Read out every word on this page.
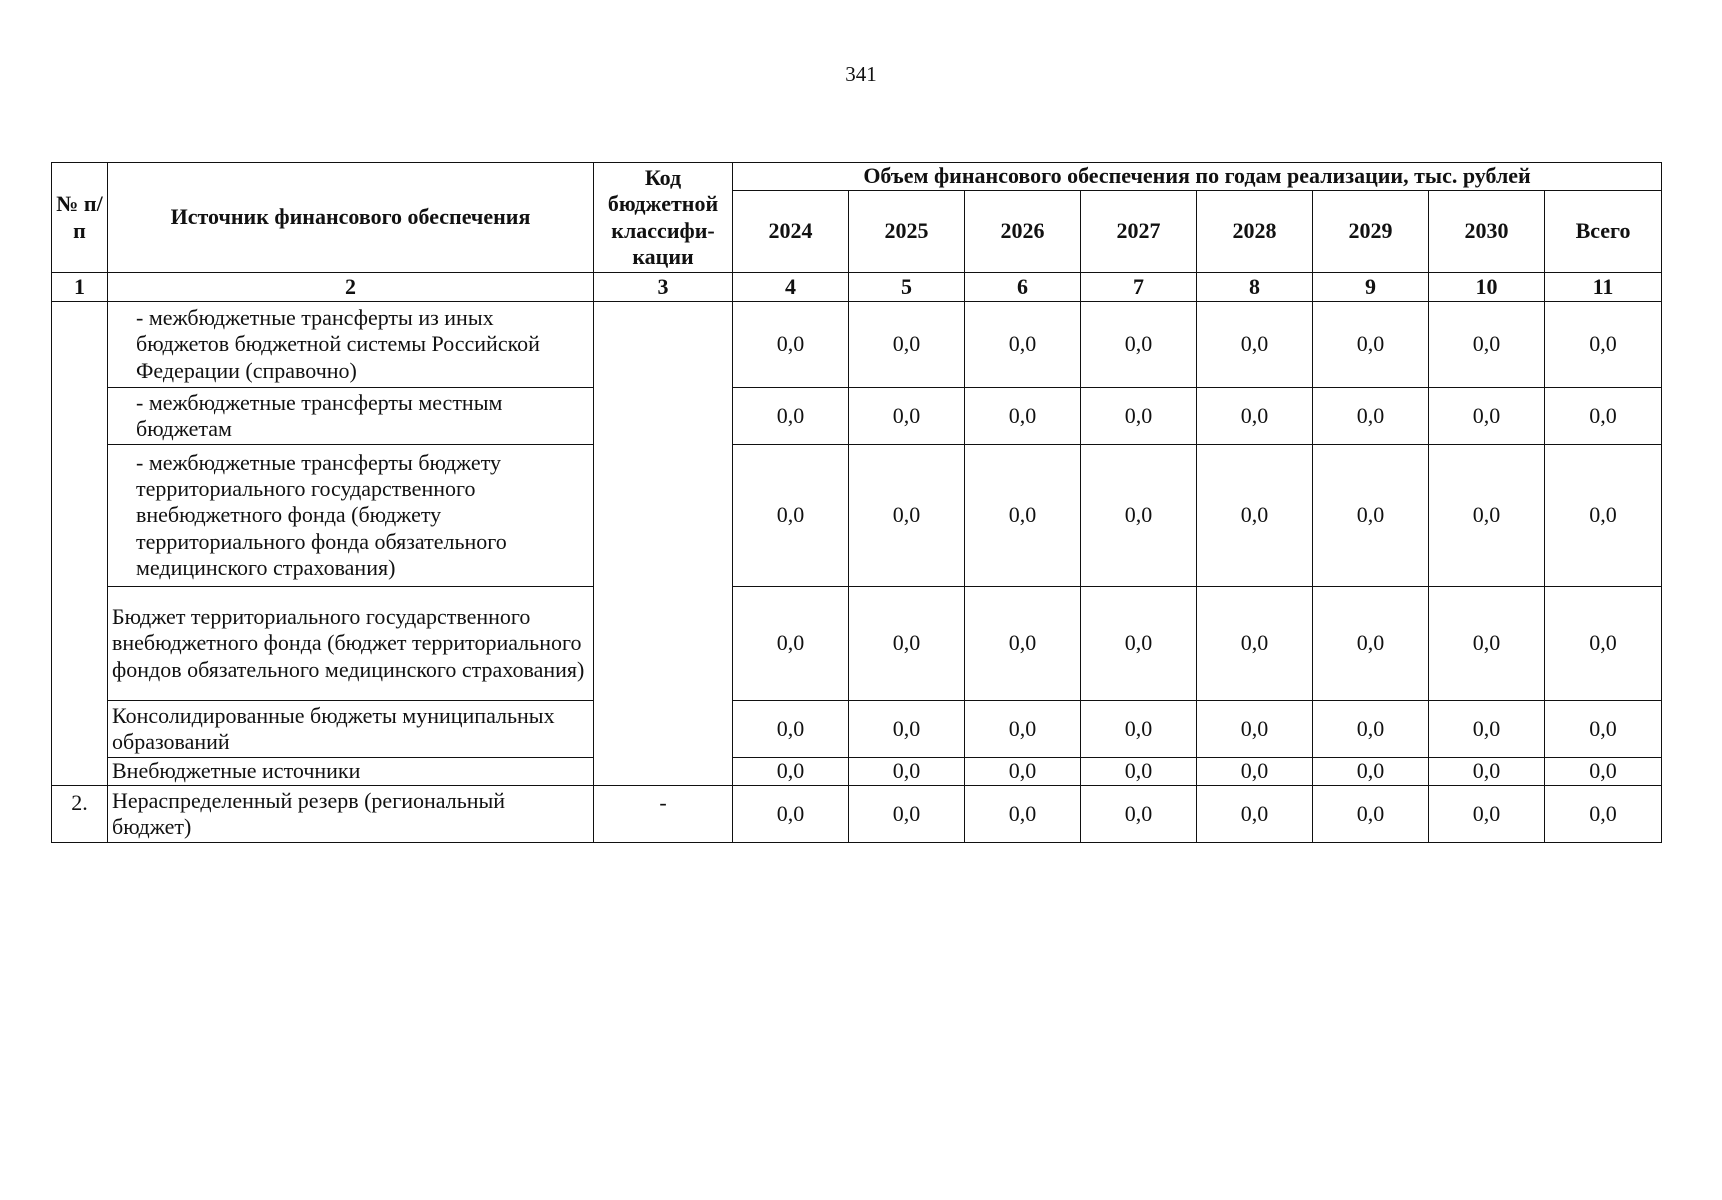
341
№ п/п	Источник финансового обеспечения	Код бюджетной классифи-кации	Объем финансового обеспечения по годам реализации, тыс. рублей							
			2024	2025	2026	2027	2028	2029	2030	Всего
1	2	3	4	5	6	7	8	9	10	11
	- межбюджетные трансферты из иных бюджетов бюджетной системы Российской Федерации (справочно)		0,0	0,0	0,0	0,0	0,0	0,0	0,0	0,0
	- межбюджетные трансферты местным бюджетам		0,0	0,0	0,0	0,0	0,0	0,0	0,0	0,0
	- межбюджетные трансферты бюджету территориального государственного внебюджетного фонда (бюджету территориального фонда обязательного медицинского страхования)		0,0	0,0	0,0	0,0	0,0	0,0	0,0	0,0
	Бюджет территориального государственного внебюджетного фонда (бюджет территориального фондов обязательного медицинского страхования)		0,0	0,0	0,0	0,0	0,0	0,0	0,0	0,0
	Консолидированные бюджеты муниципальных образований		0,0	0,0	0,0	0,0	0,0	0,0	0,0	0,0
	Внебюджетные источники		0,0	0,0	0,0	0,0	0,0	0,0	0,0	0,0
2.	Нераспределенный резерв (региональный бюджет)	-	0,0	0,0	0,0	0,0	0,0	0,0	0,0	0,0
